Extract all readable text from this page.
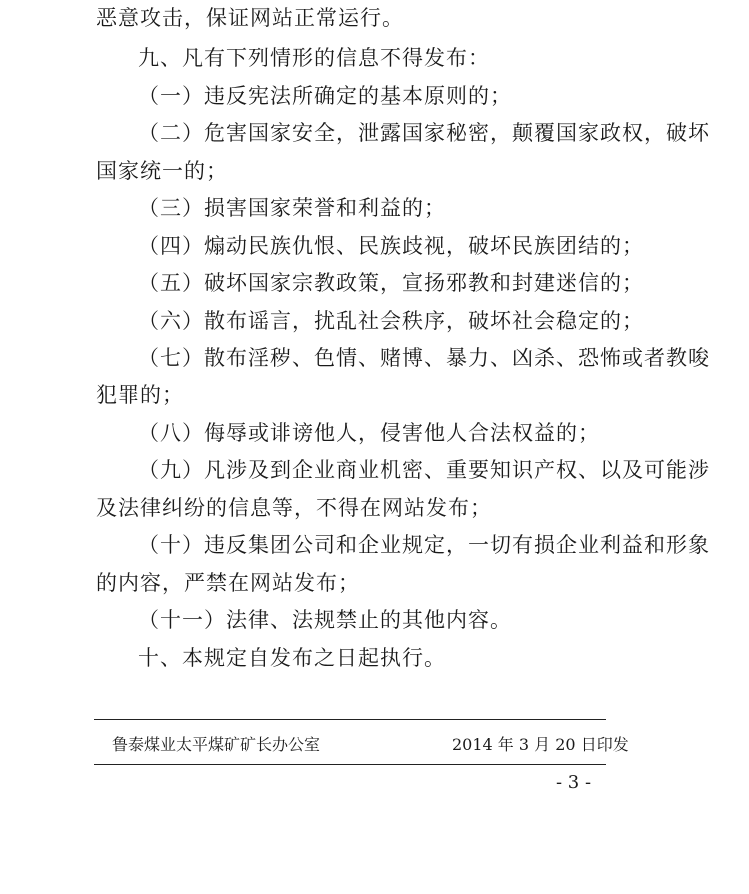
恶意攻击，保证网站正常运行。
九、凡有下列情形的信息不得发布：
（一）违反宪法所确定的基本原则的；
（二）危害国家安全，泄露国家秘密，颠覆国家政权，破坏
国家统一的；
（三）损害国家荣誉和利益的；
（四）煽动民族仇恨、民族歧视，破坏民族团结的；
（五）破坏国家宗教政策，宣扬邪教和封建迷信的；
（六）散布谣言，扰乱社会秩序，破坏社会稳定的；
（七）散布淫秽、色情、赌博、暴力、凶杀、恐怖或者教唆
犯罪的；
（八）侮辱或诽谤他人，侵害他人合法权益的；
（九）凡涉及到企业商业机密、重要知识产权、以及可能涉
及法律纠纷的信息等，不得在网站发布；
（十）违反集团公司和企业规定，一切有损企业利益和形象
的内容，严禁在网站发布；
（十一）法律、法规禁止的其他内容。
十、本规定自发布之日起执行。
鲁泰煤业太平煤矿矿长办公室	2014 年 3 月 20 日印发
- 3 -
